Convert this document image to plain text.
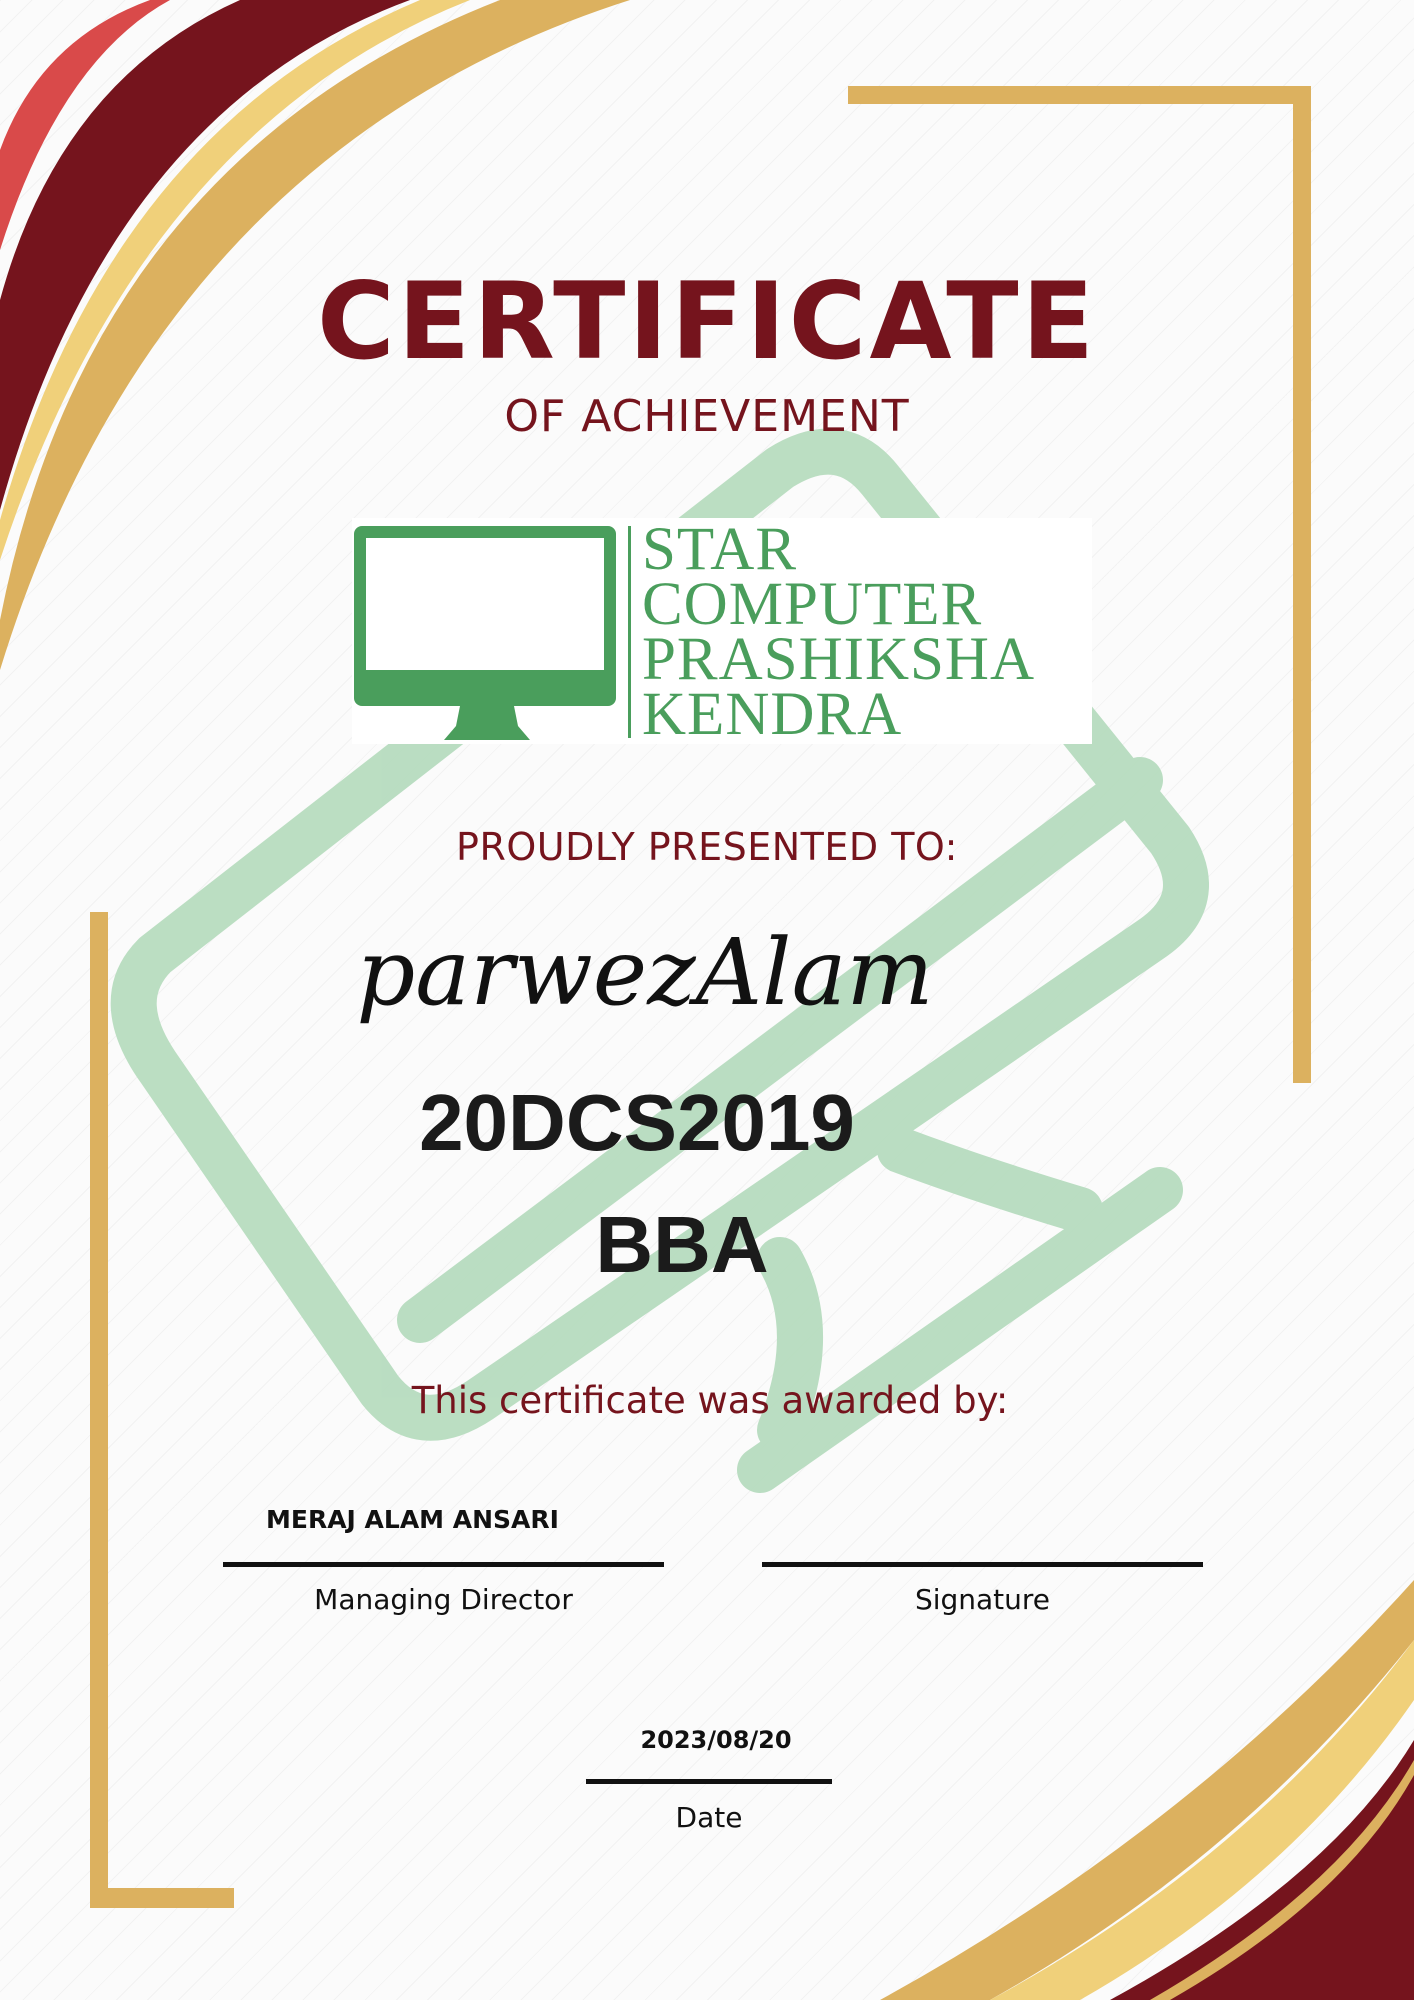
CERTIFICATE
OF ACHIEVEMENT
STAR
COMPUTER
PRASHIKSHA
KENDRA
PROUDLY PRESENTED TO:
parwezAlam
20DCS2019
BBA
This certificate was awarded by:
MERAJ ALAM ANSARI
Managing Director	Signature
2023/08/20
Date
